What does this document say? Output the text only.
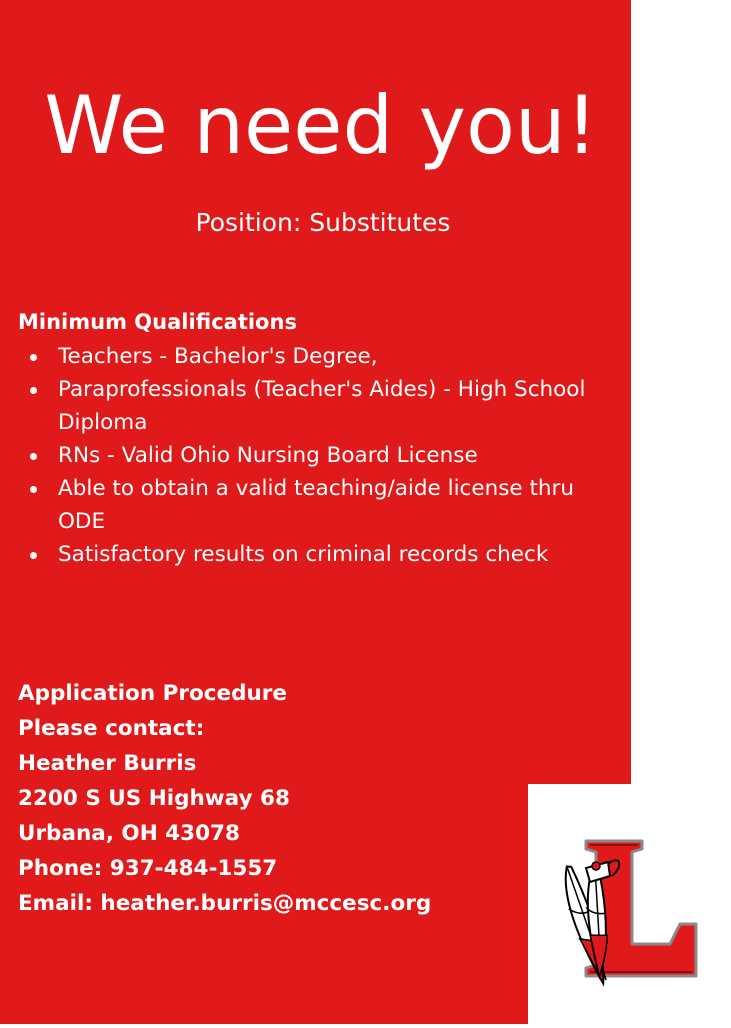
We need you!
Position: Substitutes
Minimum Qualifications
Teachers - Bachelor's Degree,
Paraprofessionals (Teacher's Aides) - High School Diploma
RNs - Valid Ohio Nursing Board License
Able to obtain a valid teaching/aide license thru ODE
Satisfactory results on criminal records check
Application Procedure
Please contact:
Heather Burris
2200 S US Highway 68
Urbana, OH 43078
Phone: 937-484-1557
Email: heather.burris@mccesc.org
